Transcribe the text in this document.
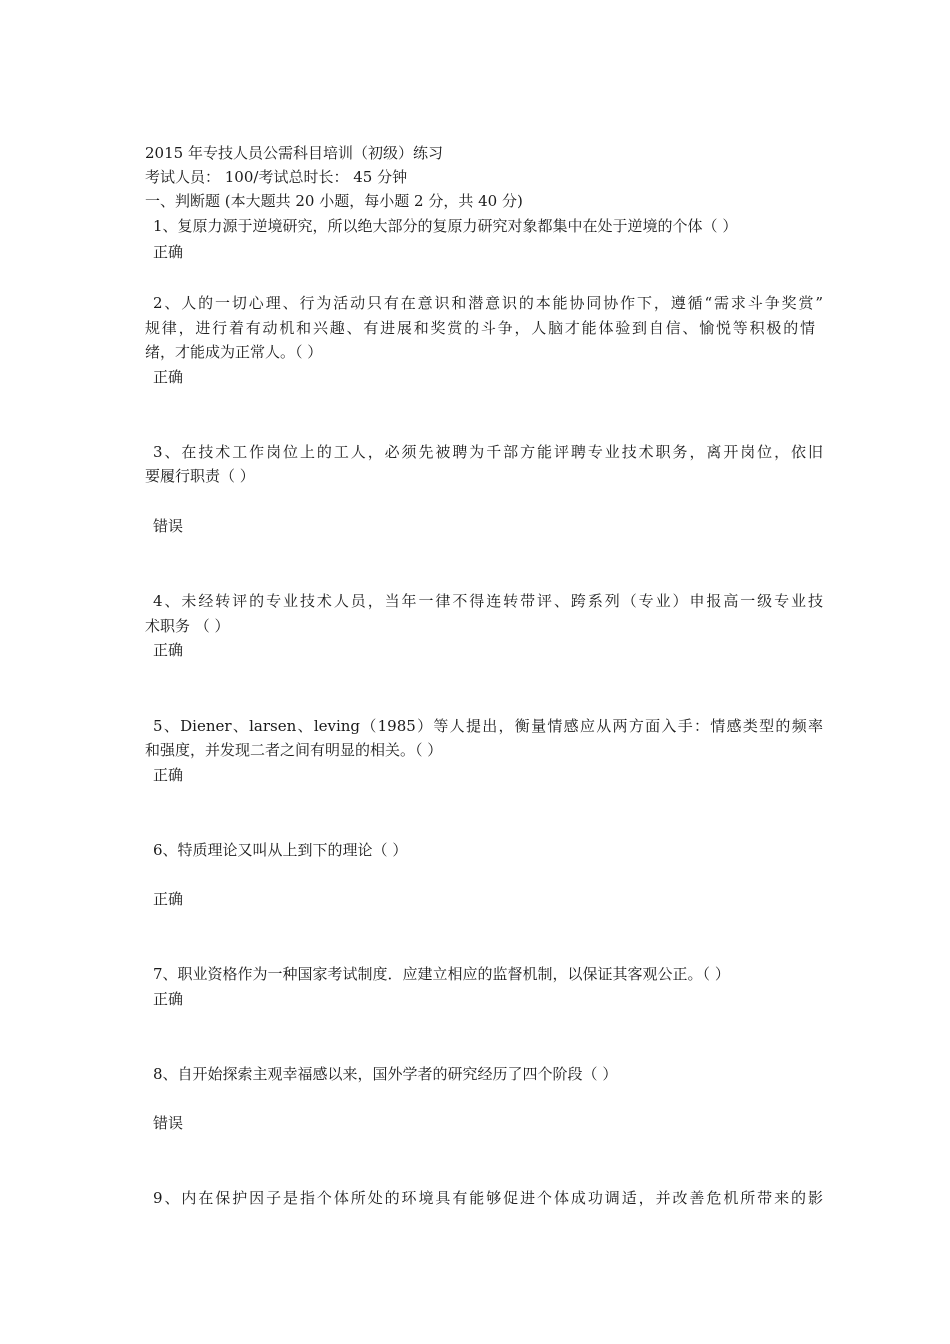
2015 年专技人员公需科目培训（初级）练习
考试人员： 100/考试总时长： 45 分钟
一、判断题 (本大题共 20 小题，每小题 2 分，共 40 分)
1、复原力源于逆境研究，所以绝大部分的复原力研究对象都集中在处于逆境的个体（ ）
正确
2、人的一切心理、行为活动只有在意识和潜意识的本能协同协作下，遵循“需求斗争奖赏”
规律，进行着有动机和兴趣、有进展和奖赏的斗争，人脑才能体验到自信、愉悦等积极的情
绪，才能成为正常人。（ ）
正确
3、在技术工作岗位上的工人，必须先被聘为千部方能评聘专业技术职务，离开岗位，依旧
要履行职责（ ）
错误
4、未经转评的专业技术人员，当年一律不得连转带评、跨系列（专业）申报高一级专业技
术职务 （ ）
正确
5、Diener、larsen、leving（1985）等人提出，衡量情感应从两方面入手：情感类型的频率
和强度，并发现二者之间有明显的相关。（ ）
正确
6、特质理论又叫从上到下的理论（ ）
正确
7、职业资格作为一种国家考试制度．应建立相应的监督机制，以保证其客观公正。（ ）
正确
8、自开始探索主观幸福感以来，国外学者的研究经历了四个阶段（ ）
错误
9、内在保护因子是指个体所处的环境具有能够促进个体成功调适，并改善危机所带来的影
